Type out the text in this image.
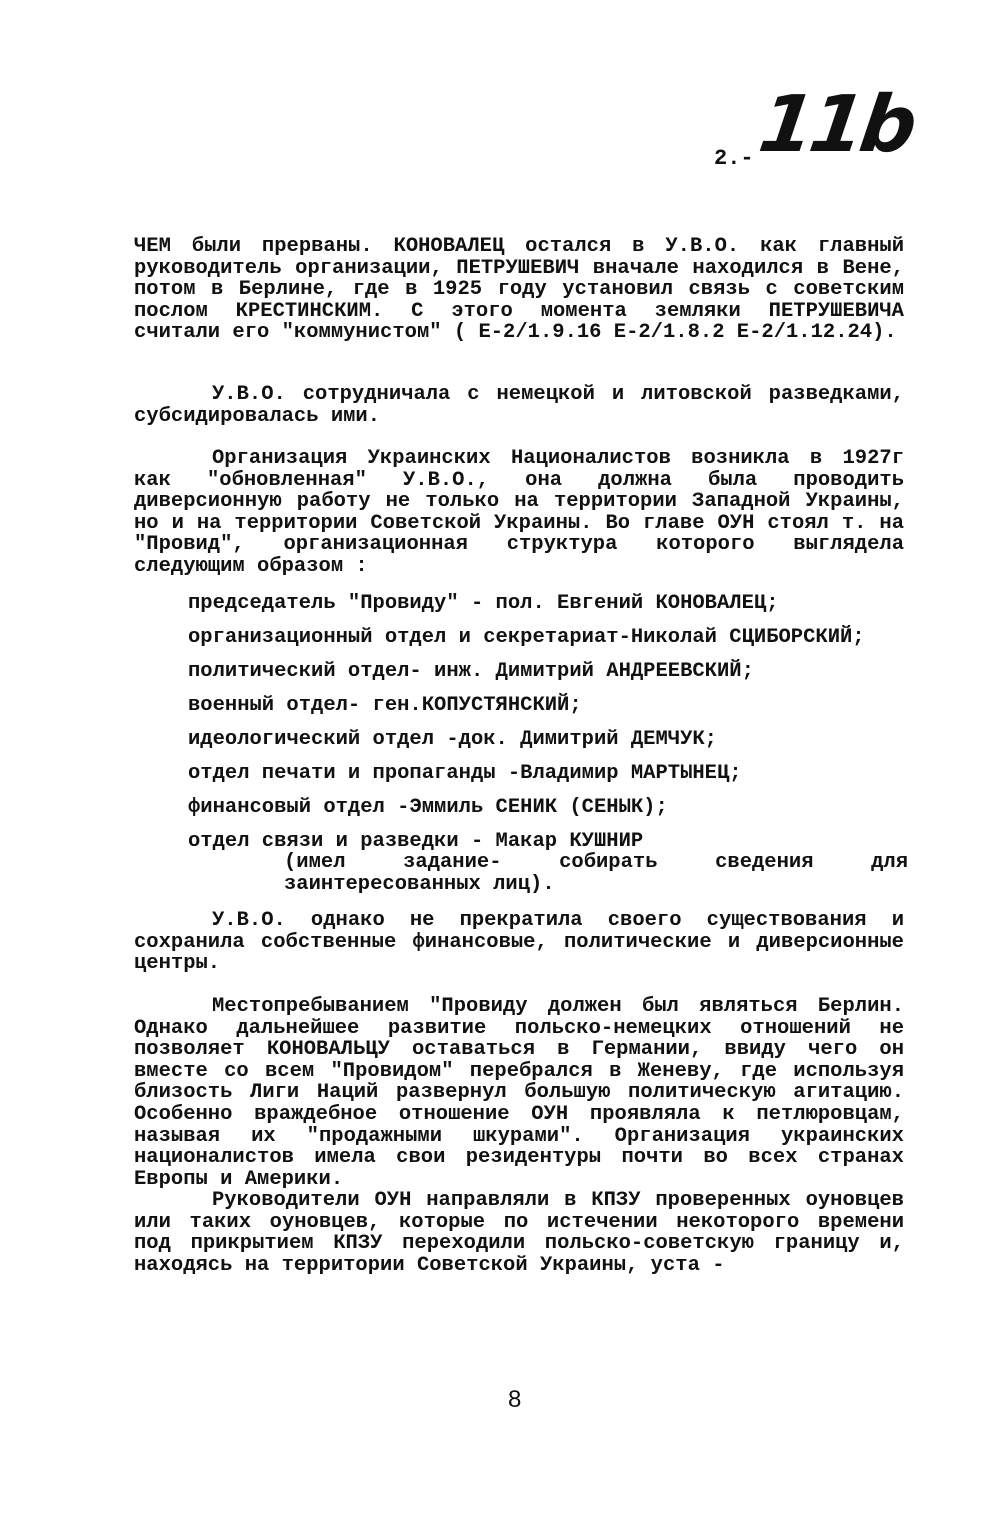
2.- 11b
ЧЕМ были прерваны. КОНОВАЛЕЦ остался в У.В.О. как главный руководитель организации, ПЕТРУШЕВИЧ вначале находился в Вене, потом в Берлине, где в 1925 году установил связь с советским послом КРЕСТИНСКИМ. С этого момента земляки ПЕТРУШЕВИЧА считали его "коммунистом" ( Е-2/1.9.16 Е-2/1.8.2 Е-2/1.12.24).
У.В.О. сотрудничала с немецкой и литовской разведками, субсидировалась ими.
Организация Украинских Националистов возникла в 1927г как "обновленная" У.В.О., она должна была проводить диверсионную работу не только на территории Западной Украины, но и на территории Советской Украины. Во главе ОУН стоял т. на "Провид", организационная структура которого выглядела следующим образом :
председатель "Провиду" - пол. Евгений КОНОВАЛЕЦ;
организационный отдел и секретариат-Николай СЦИБОРСКИЙ;
политический отдел- инж. Димитрий АНДРЕЕВСКИЙ;
военный отдел- ген.КОПУСТЯНСКИЙ;
идеологический отдел -док. Димитрий ДЕМЧУК;
отдел печати и пропаганды -Владимир МАРТЫНЕЦ;
финансовый отдел -Эммиль СЕНИК (СЕНЫК);
отдел связи и разведки - Макар КУШНИР
(имел задание- собирать сведения для заинтересованных лиц).
У.В.О. однако не прекратила своего существования и сохранила собственные финансовые, политические и диверсионные центры.
Местопребыванием "Провиду должен был являться Берлин. Однако дальнейшее развитие польско-немецких отношений не позволяет КОНОВАЛЬЦУ оставаться в Германии, ввиду чего он вместе со всем "Провидом" перебрался в Женеву, где используя близость Лиги Наций развернул большую политическую агитацию. Особенно враждебное отношение ОУН проявляла к петлюровцам, называя их "продажными шкурами". Организация украинских националистов имела свои резидентуры почти во всех странах Европы и Америки.
Руководители ОУН направляли в КПЗУ проверенных оуновцев или таких оуновцев, которые по истечении некоторого времени под прикрытием КПЗУ переходили польско-советскую границу и, находясь на территории Советской Украины, уста -
8
